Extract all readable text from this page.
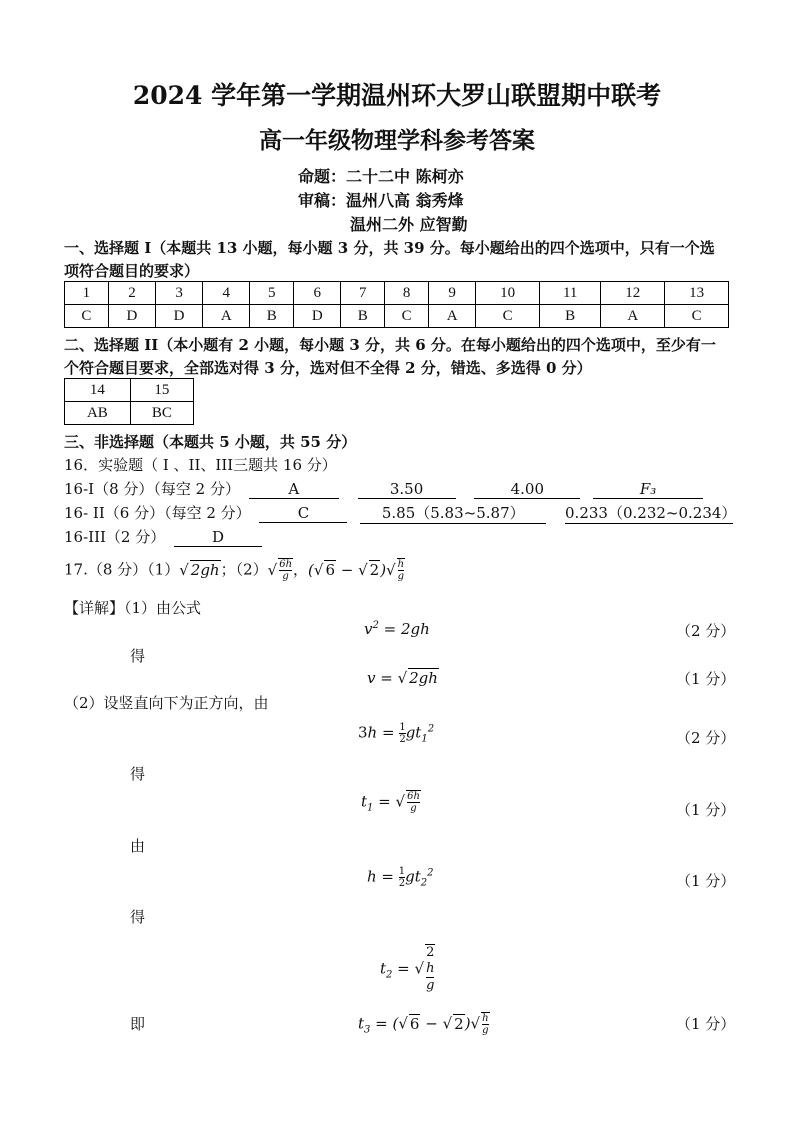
2024 学年第一学期温州环大罗山联盟期中联考
高一年级物理学科参考答案
命题：二十二中 陈柯亦
审稿：温州八高 翁秀烽
温州二外 应智勤
一、选择题 I（本题共 13 小题，每小题 3 分，共 39 分。每小题给出的四个选项中，只有一个选
项符合题目的要求）
1	2	3	4	5	6	7	8	9	10	11	12	13
C	D	D	A	B	D	B	C	A	C	B	A	C
二、选择题 II（本小题有 2 小题，每小题 3 分，共 6 分。在每小题给出的四个选项中，至少有一
个符合题目要求，全部选对得 3 分，选对但不全得 2 分，错选、多选得 0 分）
14	15
AB	BC
三、非选择题（本题共 5 小题，共 55 分）
16．实验题（ I 、II、III三题共 16 分）
16-I（8 分）（每空 2 分）	A	3.50	4.00	F₃
16- II（6 分）（每空 2 分）	C	5.85（5.83~5.87）	0.233（0.232~0.234）
16-III（2 分）	D
17.（8 分）（1）√ 2gh；$(2)√ \frac{6h}{g}$ ，(√ 6 − √ $2)√ \frac{h}{g}$
【详解】（1）由公式
$v^2 = 2gh$	（2 分）
得
v = √ 2gh	（1 分）
（2）设竖直向下为正方向，由
$3h = \frac{1}{2} gt_1^2$	（2 分）
得
$t_1$ = √ $\frac{6h}{g}$	（1 分）
由
$h = \frac{1}{2} gt_2^2$	（1 分）
得
$t_2$ = √ 2
h
g
即	$t_3$ = (√ 6 − √ $2)√ \frac{h}{g}$	（1 分）
